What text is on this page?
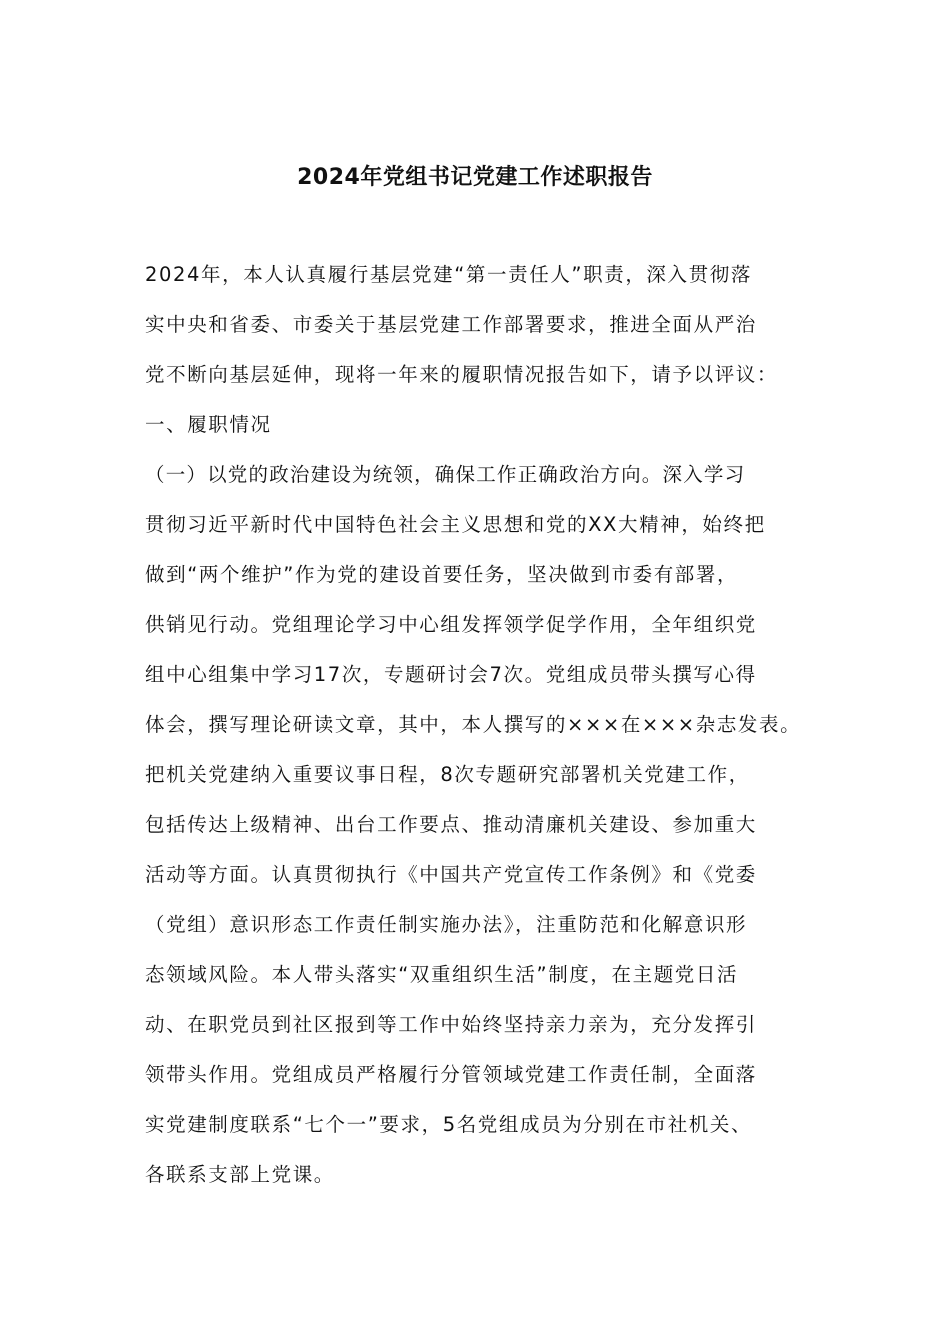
2024年党组书记党建工作述职报告
2024年，本人认真履行基层党建“第一责任人”职责，深入贯彻落
实中央和省委、市委关于基层党建工作部署要求，推进全面从严治
党不断向基层延伸，现将一年来的履职情况报告如下，请予以评议：
一、履职情况
（一）以党的政治建设为统领，确保工作正确政治方向。深入学习
贯彻习近平新时代中国特色社会主义思想和党的XX大精神，始终把
做到“两个维护”作为党的建设首要任务，坚决做到市委有部署，
供销见行动。党组理论学习中心组发挥领学促学作用，全年组织党
组中心组集中学习17次，专题研讨会7次。党组成员带头撰写心得
体会，撰写理论研读文章，其中，本人撰写的×××在×××杂志发表。
把机关党建纳入重要议事日程，8次专题研究部署机关党建工作，
包括传达上级精神、出台工作要点、推动清廉机关建设、参加重大
活动等方面。认真贯彻执行《中国共产党宣传工作条例》和《党委
（党组）意识形态工作责任制实施办法》，注重防范和化解意识形
态领域风险。本人带头落实“双重组织生活”制度，在主题党日活
动、在职党员到社区报到等工作中始终坚持亲力亲为，充分发挥引
领带头作用。党组成员严格履行分管领域党建工作责任制，全面落
实党建制度联系“七个一”要求，5名党组成员为分别在市社机关、
各联系支部上党课。
